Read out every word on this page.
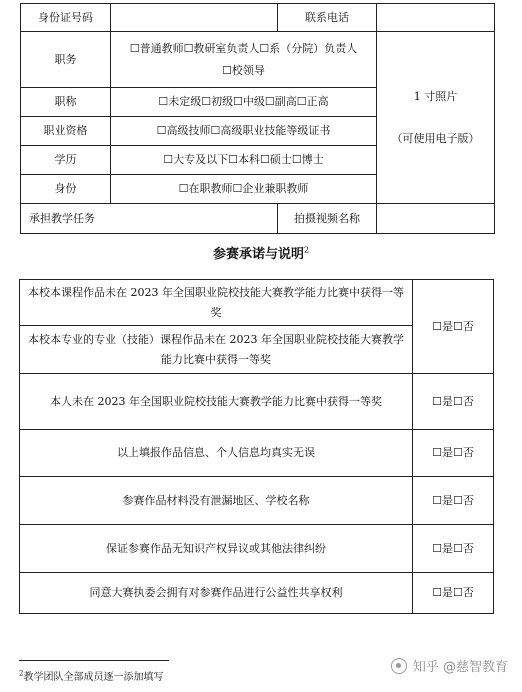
身份证号码		联系电话	
职务	☐普通教师☐教研室负责人☐系（分院）负责人
☐校领导		1 寸照片
（可使用电子版）

职称	☐未定级☐初级☐中级☐副高☐正高		
职业资格	☐高级技师☐高级职业技能等级证书		
学历	☐大专及以下☐本科☐硕士☐博士		
身份	☐在职教师☐企业兼职教师		
承担教学任务		拍摄视频名称	
参赛承诺与说明$^2$
本校本课程作品未在 2023 年全国职业院校技能大赛教学能力比赛中获得一等奖	☐是☐否
本校本专业的专业（技能）课程作品未在 2023 年全国职业院校技能大赛教学能力比赛中获得一等奖	
本人未在 2023 年全国职业院校技能大赛教学能力比赛中获得一等奖	☐是☐否
以上填报作品信息、个人信息均真实无误	☐是☐否
参赛作品材料没有泄漏地区、学校名称	☐是☐否
保证参赛作品无知识产权异议或其他法律纠纷	☐是☐否
同意大赛执委会拥有对参赛作品进行公益性共享权利	☐是☐否
$^2$教学团队全部成员逐一添加填写
知乎 @慈智教育
